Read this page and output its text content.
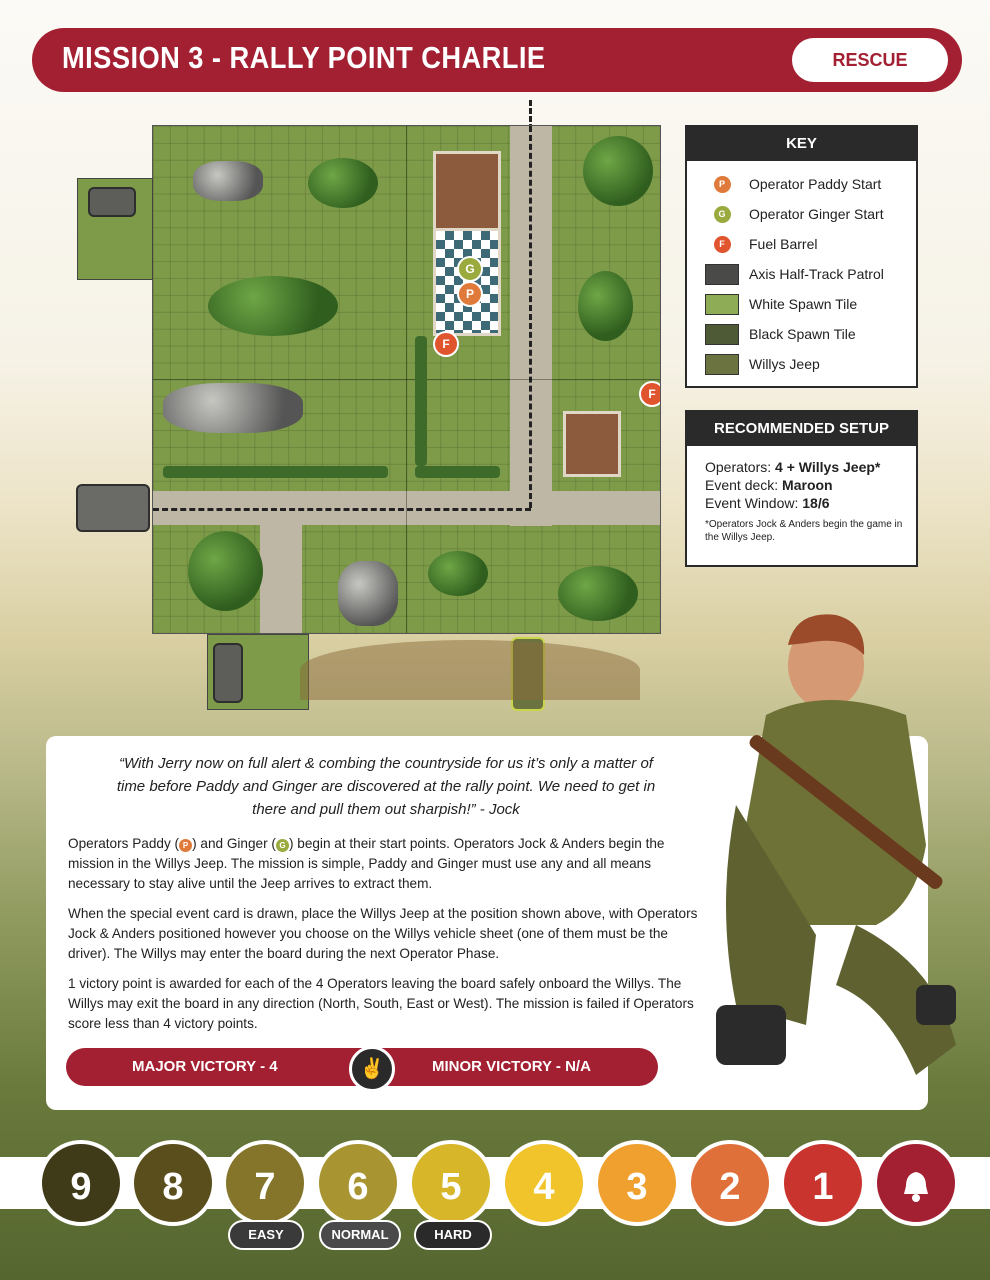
MISSION 3 - RALLY POINT CHARLIE	RESCUE
G
P
F
F
KEY
P	Operator Paddy Start
G	Operator Ginger Start
F	Fuel Barrel
Axis Half-Track Patrol
White Spawn Tile
Black Spawn Tile
Willys Jeep
RECOMMENDED SETUP
Operators: 4 + Willys Jeep*
Event deck: Maroon
Event Window: 18/6
*Operators Jock & Anders begin the game in the Willys Jeep.
“With Jerry now on full alert & combing the countryside for us it’s only a matter of time before Paddy and Ginger are discovered at the rally point. We need to get in there and pull them out sharpish!” - Jock
Operators Paddy ( P ) and Ginger ( G ) begin at their start points. Operators Jock & Anders begin the mission in the Willys Jeep. The mission is simple, Paddy and Ginger must use any and all means necessary to stay alive until the Jeep arrives to extract them.
When the special event card is drawn, place the Willys Jeep at the position shown above, with Operators Jock & Anders positioned however you choose on the Willys vehicle sheet (one of them must be the driver). The Willys may enter the board during the next Operator Phase.
1 victory point is awarded for each of the 4 Operators leaving the board safely onboard the Willys. The Willys may exit the board in any direction (North, South, East or West). The mission is failed if Operators score less than 4 victory points.
MAJOR VICTORY - 4	✌	MINOR VICTORY - N/A
9	8	7	6	5	4	3	2	1
EASY	NORMAL	HARD
